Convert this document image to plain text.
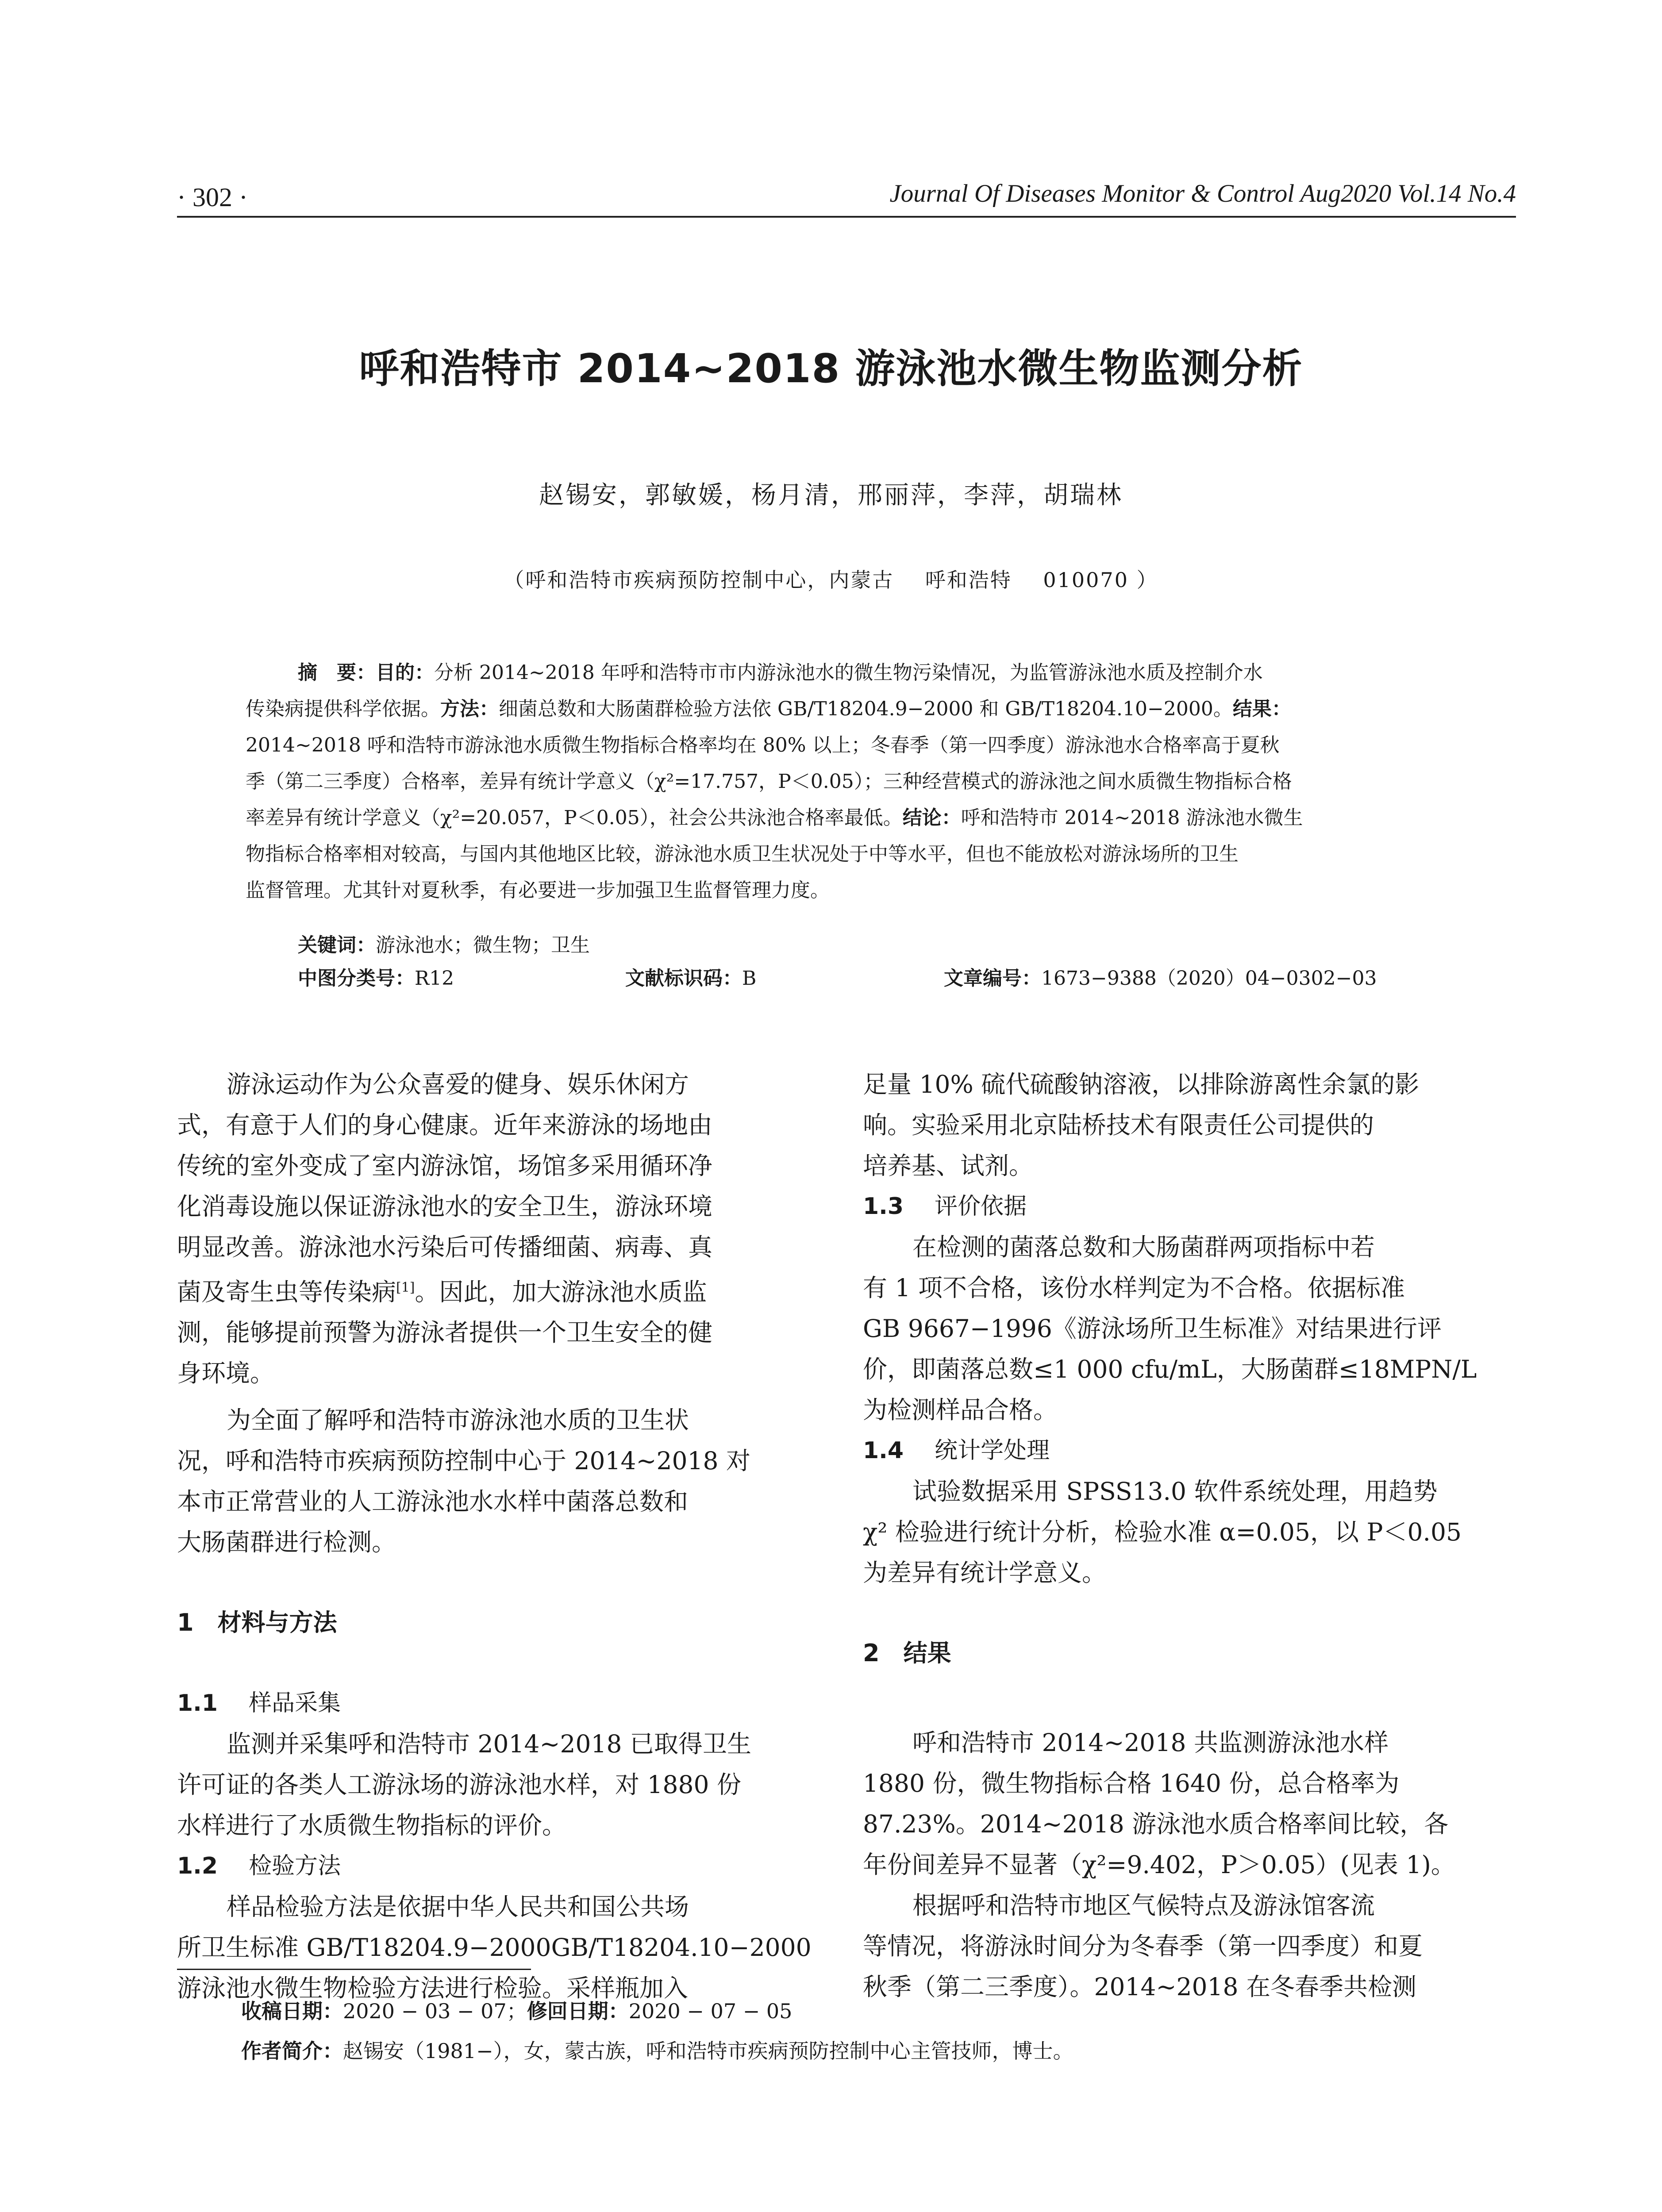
· 302 ·	Journal Of Diseases Monitor & Control Aug2020 Vol.14 No.4
呼和浩特市 2014~2018 游泳池水微生物监测分析
赵锡安，郭敏媛，杨月清，邢丽萍，李萍，胡瑞林
（呼和浩特市疾病预防控制中心，内蒙古    呼和浩特    010070 ）
摘　要：目的：分析 2014~2018 年呼和浩特市市内游泳池水的微生物污染情况，为监管游泳池水质及控制介水
传染病提供科学依据。方法：细菌总数和大肠菌群检验方法依 GB/T18204.9−2000 和 GB/T18204.10−2000。结果：
2014~2018 呼和浩特市游泳池水质微生物指标合格率均在 80% 以上；冬春季（第一四季度）游泳池水合格率高于夏秋
季（第二三季度）合格率，差异有统计学意义（χ²=17.757，P＜0.05）；三种经营模式的游泳池之间水质微生物指标合格
率差异有统计学意义（χ²=20.057，P＜0.05），社会公共泳池合格率最低。结论：呼和浩特市 2014~2018 游泳池水微生
物指标合格率相对较高，与国内其他地区比较，游泳池水质卫生状况处于中等水平，但也不能放松对游泳场所的卫生
监督管理。尤其针对夏秋季，有必要进一步加强卫生监督管理力度。
关键词：游泳池水；微生物；卫生
中图分类号：R12	文献标识码：B	文章编号：1673−9388（2020）04−0302−03
游泳运动作为公众喜爱的健身、娱乐休闲方
式，有意于人们的身心健康。近年来游泳的场地由
传统的室外变成了室内游泳馆，场馆多采用循环净
化消毒设施以保证游泳池水的安全卫生，游泳环境
明显改善。游泳池水污染后可传播细菌、病毒、真
菌及寄生虫等传染病[1]。因此，加大游泳池水质监
测，能够提前预警为游泳者提供一个卫生安全的健
身环境。
为全面了解呼和浩特市游泳池水质的卫生状
况，呼和浩特市疾病预防控制中心于 2014~2018 对
本市正常营业的人工游泳池水水样中菌落总数和
大肠菌群进行检测。
1　材料与方法
1.1 样品采集
监测并采集呼和浩特市 2014~2018 已取得卫生
许可证的各类人工游泳场的游泳池水样，对 1880 份
水样进行了水质微生物指标的评价。
1.2 检验方法
样品检验方法是依据中华人民共和国公共场
所卫生标准 GB/T18204.9−2000GB/T18204.10−2000
游泳池水微生物检验方法进行检验。采样瓶加入
足量 10% 硫代硫酸钠溶液，以排除游离性余氯的影
响。实验采用北京陆桥技术有限责任公司提供的
培养基、试剂。
1.3 评价依据
在检测的菌落总数和大肠菌群两项指标中若
有 1 项不合格，该份水样判定为不合格。依据标准
GB 9667−1996《游泳场所卫生标准》对结果进行评
价，即菌落总数≤1 000 cfu/mL，大肠菌群≤18MPN/L
为检测样品合格。
1.4 统计学处理
试验数据采用 SPSS13.0 软件系统处理，用趋势
χ² 检验进行统计分析，检验水准 α=0.05，以 P＜0.05
为差异有统计学意义。
2　结果
呼和浩特市 2014~2018 共监测游泳池水样
1880 份，微生物指标合格 1640 份，总合格率为
87.23%。2014~2018 游泳池水质合格率间比较，各
年份间差异不显著（χ²=9.402，P＞0.05）(见表 1)。
根据呼和浩特市地区气候特点及游泳馆客流
等情况，将游泳时间分为冬春季（第一四季度）和夏
秋季（第二三季度）。2014~2018 在冬春季共检测
收稿日期：2020 − 03 − 07；修回日期：2020 − 07 − 05
作者简介：赵锡安（1981−），女，蒙古族，呼和浩特市疾病预防控制中心主管技师，博士。
